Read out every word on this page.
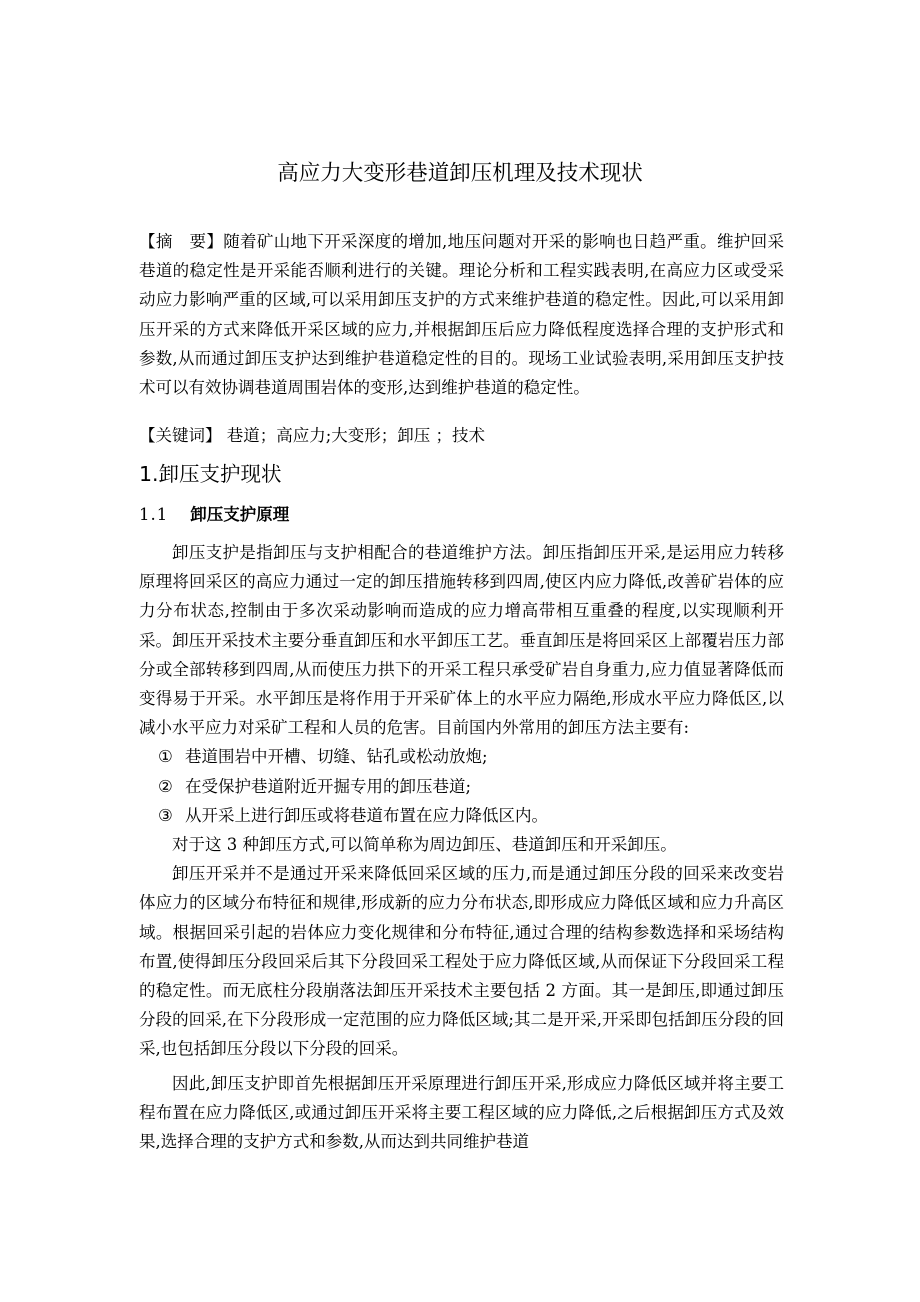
高应力大变形巷道卸压机理及技术现状
【摘　要】随着矿山地下开采深度的增加,地压问题对开采的影响也日趋严重。维护回采巷道的稳定性是开采能否顺利进行的关键。理论分析和工程实践表明,在高应力区或受采动应力影响严重的区域,可以采用卸压支护的方式来维护巷道的稳定性。因此,可以采用卸压开采的方式来降低开采区域的应力,并根据卸压后应力降低程度选择合理的支护形式和参数,从而通过卸压支护达到维护巷道稳定性的目的。现场工业试验表明,采用卸压支护技术可以有效协调巷道周围岩体的变形,达到维护巷道的稳定性。
【关键词】 巷道；高应力;大变形；卸压 ；技术
1.卸压支护现状
1.1 卸压支护原理

卸压支护是指卸压与支护相配合的巷道维护方法。卸压指卸压开采,是运用应力转移原理将回采区的高应力通过一定的卸压措施转移到四周,使区内应力降低,改善矿岩体的应力分布状态,控制由于多次采动影响而造成的应力增高带相互重叠的程度,以实现顺利开采。卸压开采技术主要分垂直卸压和水平卸压工艺。垂直卸压是将回采区上部覆岩压力部分或全部转移到四周,从而使压力拱下的开采工程只承受矿岩自身重力,应力值显著降低而变得易于开采。水平卸压是将作用于开采矿体上的水平应力隔绝,形成水平应力降低区,以减小水平应力对采矿工程和人员的危害。目前国内外常用的卸压方法主要有:

① 巷道围岩中开槽、切缝、钻孔或松动放炮;
② 在受保护巷道附近开掘专用的卸压巷道;
③ 从开采上进行卸压或将巷道布置在应力降低区内。

对于这 3 种卸压方式,可以简单称为周边卸压、巷道卸压和开采卸压。

卸压开采并不是通过开采来降低回采区域的压力,而是通过卸压分段的回采来改变岩体应力的区域分布特征和规律,形成新的应力分布状态,即形成应力降低区域和应力升高区域。根据回采引起的岩体应力变化规律和分布特征,通过合理的结构参数选择和采场结构布置,使得卸压分段回采后其下分段回采工程处于应力降低区域,从而保证下分段回采工程的稳定性。而无底柱分段崩落法卸压开采技术主要包括 2 方面。其一是卸压,即通过卸压分段的回采,在下分段形成一定范围的应力降低区域;其二是开采,开采即包括卸压分段的回采,也包括卸压分段以下分段的回采。

因此,卸压支护即首先根据卸压开采原理进行卸压开采,形成应力降低区域并将主要工程布置在应力降低区,或通过卸压开采将主要工程区域的应力降低,之后根据卸压方式及效果,选择合理的支护方式和参数,从而达到共同维护巷道
